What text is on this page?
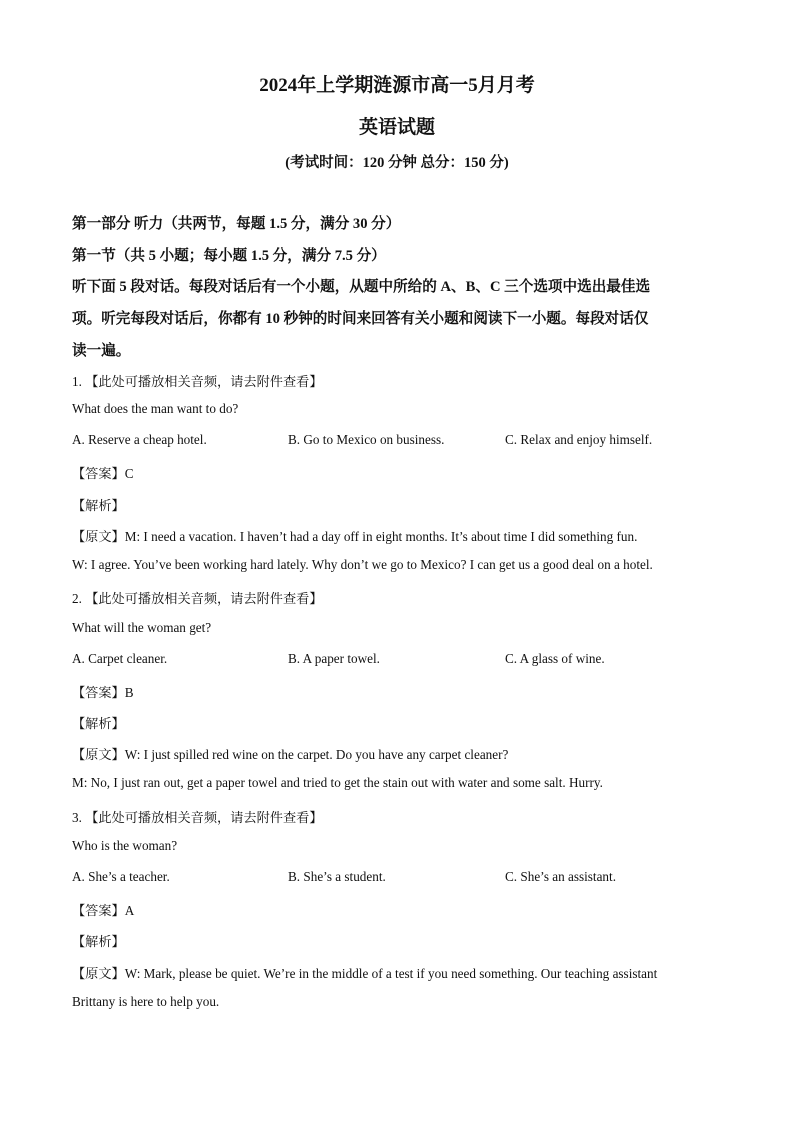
2024年上学期涟源市高一5月月考
英语试题
(考试时间：120 分钟 总分：150 分)
第一部分 听力（共两节，每题 1.5 分，满分 30 分）
第一节（共 5 小题；每小题 1.5 分，满分 7.5 分）
听下面 5 段对话。每段对话后有一个小题，从题中所给的 A、B、C 三个选项中选出最佳选
项。听完每段对话后，你都有 10 秒钟的时间来回答有关小题和阅读下一小题。每段对话仅
读一遍。
1. 【此处可播放相关音频，请去附件查看】
What does the man want to do?
A. Reserve a cheap hotel.	B. Go to Mexico on business.	C. Relax and enjoy himself.
【答案】C
【解析】
【原文】M: I need a vacation. I haven’t had a day off in eight months. It’s about time I did something fun.
W: I agree. You’ve been working hard lately. Why don’t we go to Mexico? I can get us a good deal on a hotel.
2. 【此处可播放相关音频，请去附件查看】
What will the woman get?
A. Carpet cleaner.	B. A paper towel.	C. A glass of wine.
【答案】B
【解析】
【原文】W: I just spilled red wine on the carpet. Do you have any carpet cleaner?
M: No, I just ran out, get a paper towel and tried to get the stain out with water and some salt. Hurry.
3. 【此处可播放相关音频，请去附件查看】
Who is the woman?
A. She’s a teacher.	B. She’s a student.	C. She’s an assistant.
【答案】A
【解析】
【原文】W: Mark, please be quiet. We’re in the middle of a test if you need something. Our teaching assistant
Brittany is here to help you.
